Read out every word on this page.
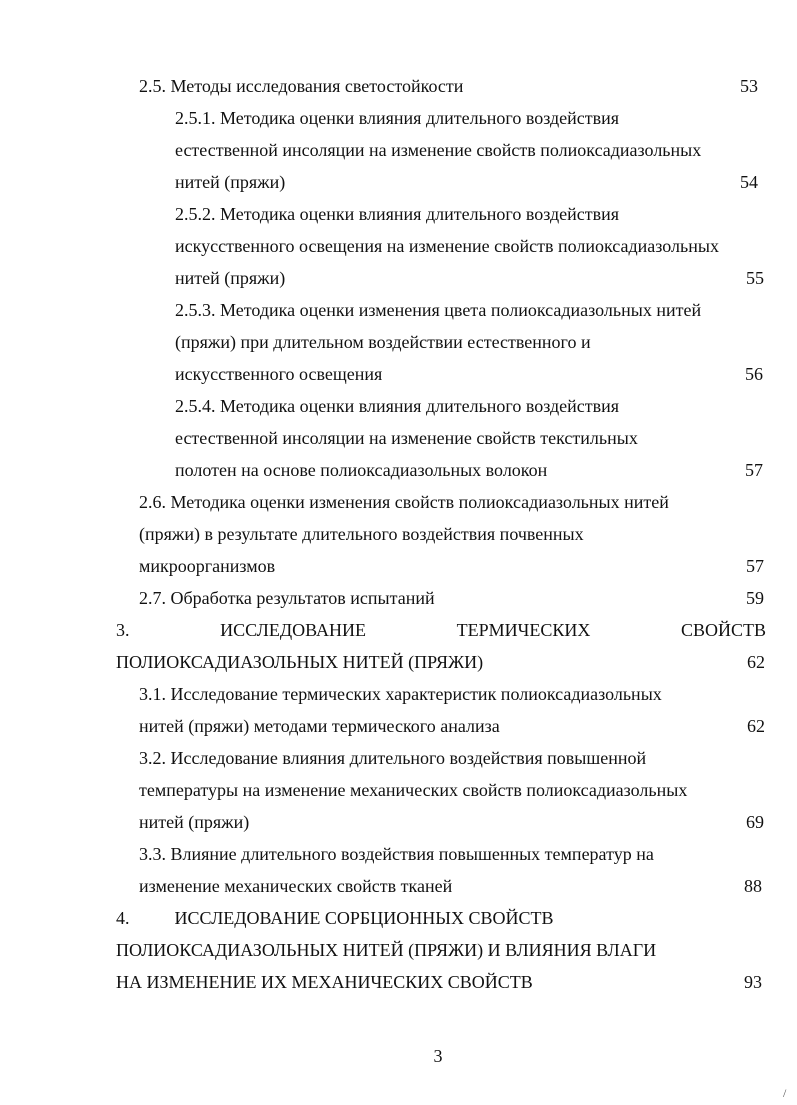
2.5. Методы исследования светостойкости	53
2.5.1. Методика оценки влияния длительного воздействия
естественной инсоляции на изменение свойств полиоксадиазольных
нитей (пряжи)	54
2.5.2. Методика оценки влияния длительного воздействия
искусственного освещения на изменение свойств полиоксадиазольных
нитей (пряжи)	55
2.5.3. Методика оценки изменения цвета полиоксадиазольных нитей
(пряжи) при длительном воздействии естественного и
искусственного освещения	56
2.5.4. Методика оценки влияния длительного воздействия
естественной инсоляции на изменение свойств текстильных
полотен на основе полиоксадиазольных волокон	57
2.6. Методика оценки изменения свойств полиоксадиазольных нитей
(пряжи) в результате длительного воздействия почвенных
микроорганизмов	57
2.7. Обработка результатов испытаний	59
3.	ИССЛЕДОВАНИЕ	ТЕРМИЧЕСКИХ	СВОЙСТВ
ПОЛИОКСАДИАЗОЛЬНЫХ НИТЕЙ (ПРЯЖИ)	62
3.1. Исследование термических характеристик полиоксадиазольных
нитей (пряжи) методами термического анализа	62
3.2. Исследование влияния длительного воздействия повышенной
температуры на изменение механических свойств полиоксадиазольных
нитей (пряжи)	69
3.3. Влияние длительного воздействия повышенных температур на
изменение механических свойств тканей	88
4.          ИССЛЕДОВАНИЕ СОРБЦИОННЫХ СВОЙСТВ
ПОЛИОКСАДИАЗОЛЬНЫХ НИТЕЙ (ПРЯЖИ) И ВЛИЯНИЯ ВЛАГИ
НА ИЗМЕНЕНИЕ ИХ МЕХАНИЧЕСКИХ СВОЙСТВ	93
3
/
